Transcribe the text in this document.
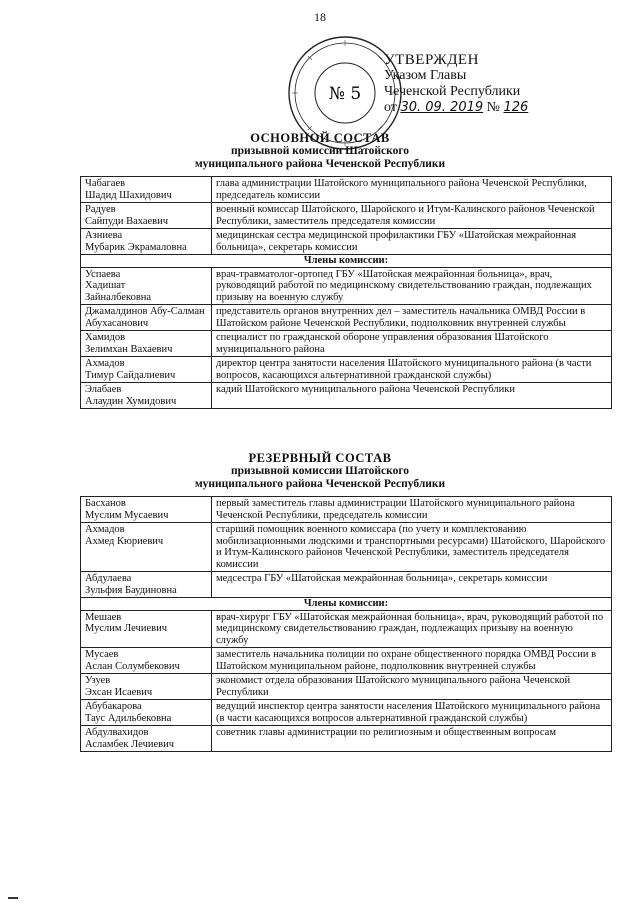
18
№ 5
УТВЕРЖДЕН
Указом Главы
Чеченской Республики
от 30. 09. 2019 № 126
ОСНОВНОЙ СОСТАВ
призывной комиссии Шатойского
муниципального района Чеченской Республики
Чабагаев
Шадид Шахидович	глава администрации Шатойского муниципального района Чеченской Республики, председатель комиссии
Радуев
Сайпуди Вахаевич	военный комиссар Шатойского, Шаройского и Итум-Калинского районов Чеченской Республики, заместитель председателя комиссии
Азниева
Мубарик Экрамаловна	медицинская сестра медицинской профилактики ГБУ «Шатойская межрайонная больница», секретарь комиссии
Члены комиссии:	
Успаева
Хадишат
Зайналбековна	врач-травматолог-ортопед ГБУ «Шатойская межрайонная больница», врач, руководящий работой по медицинскому свидетельствованию граждан, подлежащих призыву на военную службу
Джамалдинов Абу-Салман Абухасанович	представитель органов внутренних дел – заместитель начальника ОМВД России в Шатойском районе Чеченской Республики, подполковник внутренней службы
Хамидов
Зелимхан Вахаевич	специалист по гражданской обороне управления образования Шатойского муниципального района
Ахмадов
Тимур Сайдалиевич	директор центра занятости населения Шатойского муниципального района (в части вопросов, касающихся альтернативной гражданской службы)
Элабаев
Алаудин Хумидович	кадий Шатойского муниципального района Чеченской Республики
РЕЗЕРВНЫЙ СОСТАВ
призывной комиссии Шатойского
муниципального района Чеченской Республики
Басханов
Муслим Мусаевич	первый заместитель главы администрации Шатойского муниципального района Чеченской Республики, председатель комиссии
Ахмадов
Ахмед Кюриевич	старший помощник военного комиссара (по учету и комплектованию мобилизационными людскими и транспортными ресурсами) Шатойского, Шаройского и Итум-Калинского районов Чеченской Республики, заместитель председателя комиссии
Абдулаева
Зульфия Баудиновна	медсестра ГБУ «Шатойская межрайонная больница», секретарь комиссии
Члены комиссии:	
Мешаев
Муслим Лечиевич	врач-хирург ГБУ «Шатойская межрайонная больница», врач, руководящий работой по медицинскому свидетельствованию граждан, подлежащих призыву на военную службу
Мусаев
Аслан Солумбекович	заместитель начальника полиции по охране общественного порядка ОМВД России в Шатойском муниципальном районе, подполковник внутренней службы
Узуев
Эхсан Исаевич	экономист отдела образования Шатойского муниципального района Чеченской Республики
Абубакарова
Таус Адильбековна	ведущий инспектор центра занятости населения Шатойского муниципального района (в части касающихся вопросов альтернативной гражданской службы)
Абдулвахидов
Асламбек Лечиевич	советник главы администрации по религиозным и общественным вопросам
